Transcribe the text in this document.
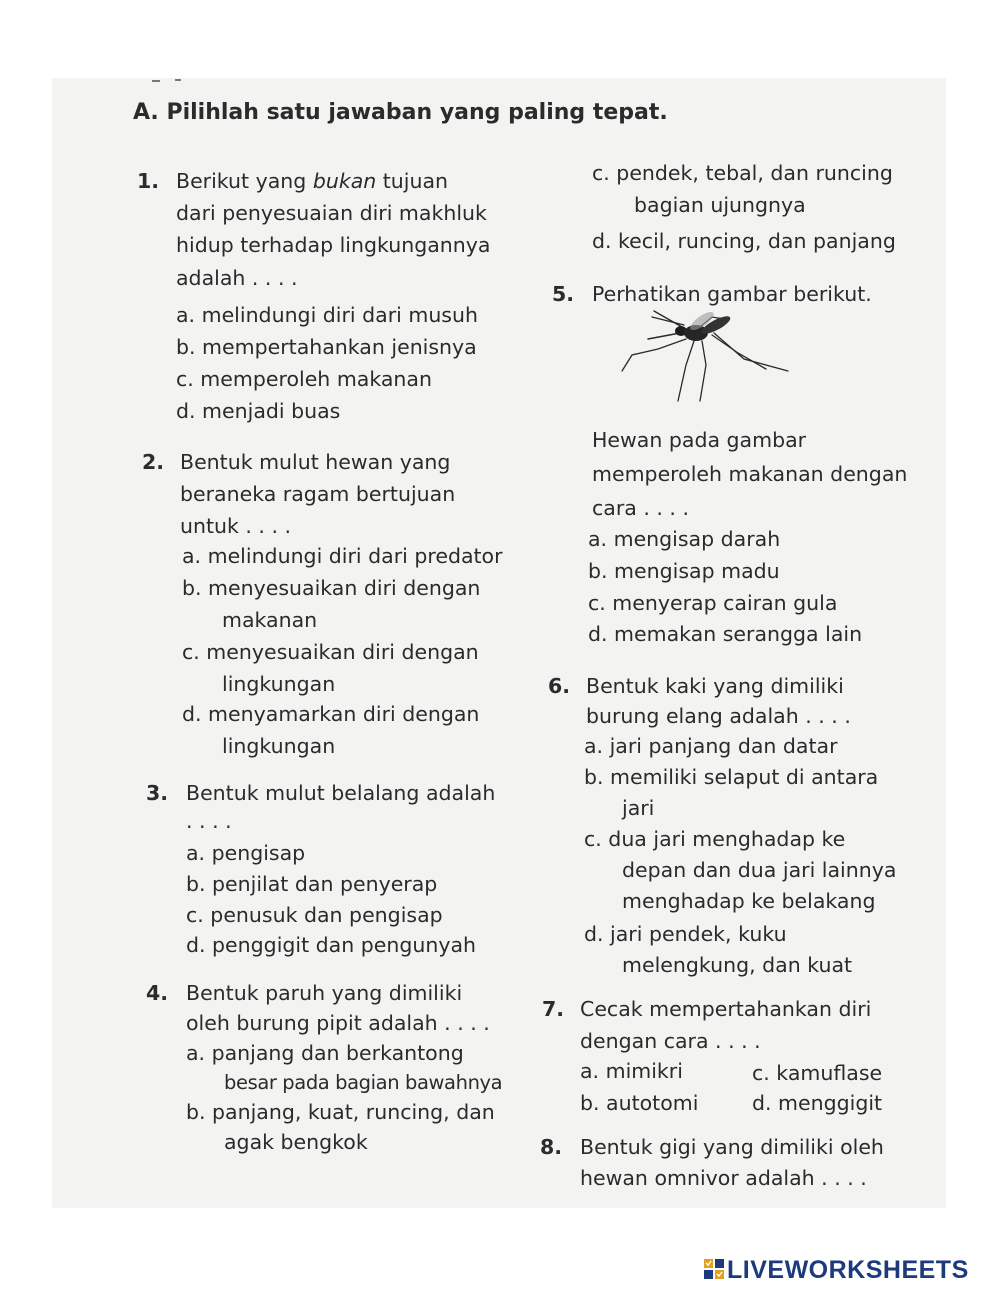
A. Pilihlah satu jawaban yang paling tepat.
1. Berikut yang bukan tujuan
dari penyesuaian diri makhluk
hidup terhadap lingkungannya
adalah . . . .
a. melindungi diri dari musuh
b. mempertahankan jenisnya
c. memperoleh makanan
d. menjadi buas
2. Bentuk mulut hewan yang
beraneka ragam bertujuan
untuk . . . .
a. melindungi diri dari predator
b. menyesuaikan diri dengan
makanan
c. menyesuaikan diri dengan
lingkungan
d. menyamarkan diri dengan
lingkungan
3. Bentuk mulut belalang adalah
. . . .
a. pengisap
b. penjilat dan penyerap
c. penusuk dan pengisap
d. penggigit dan pengunyah
4. Bentuk paruh yang dimiliki
oleh burung pipit adalah . . . .
a. panjang dan berkantong
besar pada bagian bawahnya
b. panjang, kuat, runcing, dan
agak bengkok
c. pendek, tebal, dan runcing
bagian ujungnya
d. kecil, runcing, dan panjang
5. Perhatikan gambar berikut.
Hewan pada gambar
memperoleh makanan dengan
cara . . . .
a. mengisap darah
b. mengisap madu
c. menyerap cairan gula
d. memakan serangga lain
6. Bentuk kaki yang dimiliki
burung elang adalah . . . .
a. jari panjang dan datar
b. memiliki selaput di antara
jari
c. dua jari menghadap ke
depan dan dua jari lainnya
menghadap ke belakang
d. jari pendek, kuku
melengkung, dan kuat
7. Cecak mempertahankan diri
dengan cara . . . .
a. mimikri	c. kamuflase
b. autotomi	d. menggigit
8. Bentuk gigi yang dimiliki oleh
hewan omnivor adalah . . . .
LIVEWORKSHEETS
